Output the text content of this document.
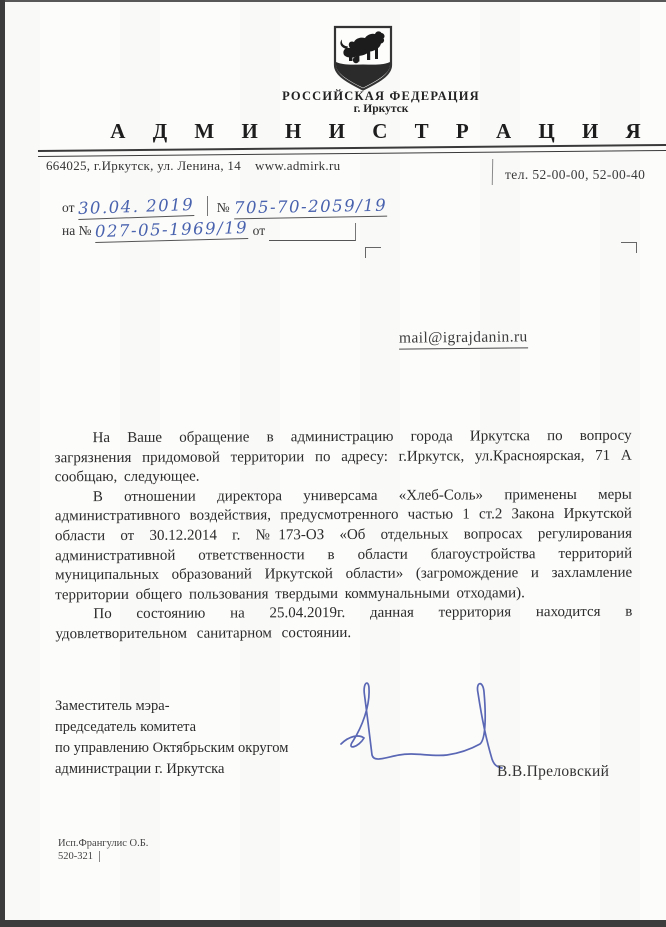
РОССИЙСКАЯ ФЕДЕРАЦИЯ
г. Иркутск
А Д М И Н И С Т Р А Ц И Я
664025, г.Иркутск, ул. Ленина, 14 www.admirk.ru
тел. 52-00-00, 52-00-40
от 30.04. 2019 № 705-70-2059/19
на № 027-05-1969/19 от
mail@igrajdanin.ru

На Ваше обращение в администрацию города Иркутска по вопросу загрязнения придомовой территории по адресу: г.Иркутск, ул.Красноярская, 71 А сообщаю, следующее.

В отношении директора универсама «Хлеб-Соль» применены меры административного воздействия, предусмотренного частью 1 ст.2 Закона Иркутской области от 30.12.2014 г. №173-ОЗ «Об отдельных вопросах регулирования административной ответственности в области благоустройства территорий муниципальных образований Иркутской области» (загромождение и захламление территории общего пользования твердыми коммунальными отходами).

По состоянию на 25.04.2019г. данная территория находится в удовлетворительном санитарном состоянии.

Заместитель мэра-
председатель комитета
по управлению Октябрьским округом
администрации г. Иркутска	В.В.Преловский
Исп.Франгулис О.Б.
520-321
